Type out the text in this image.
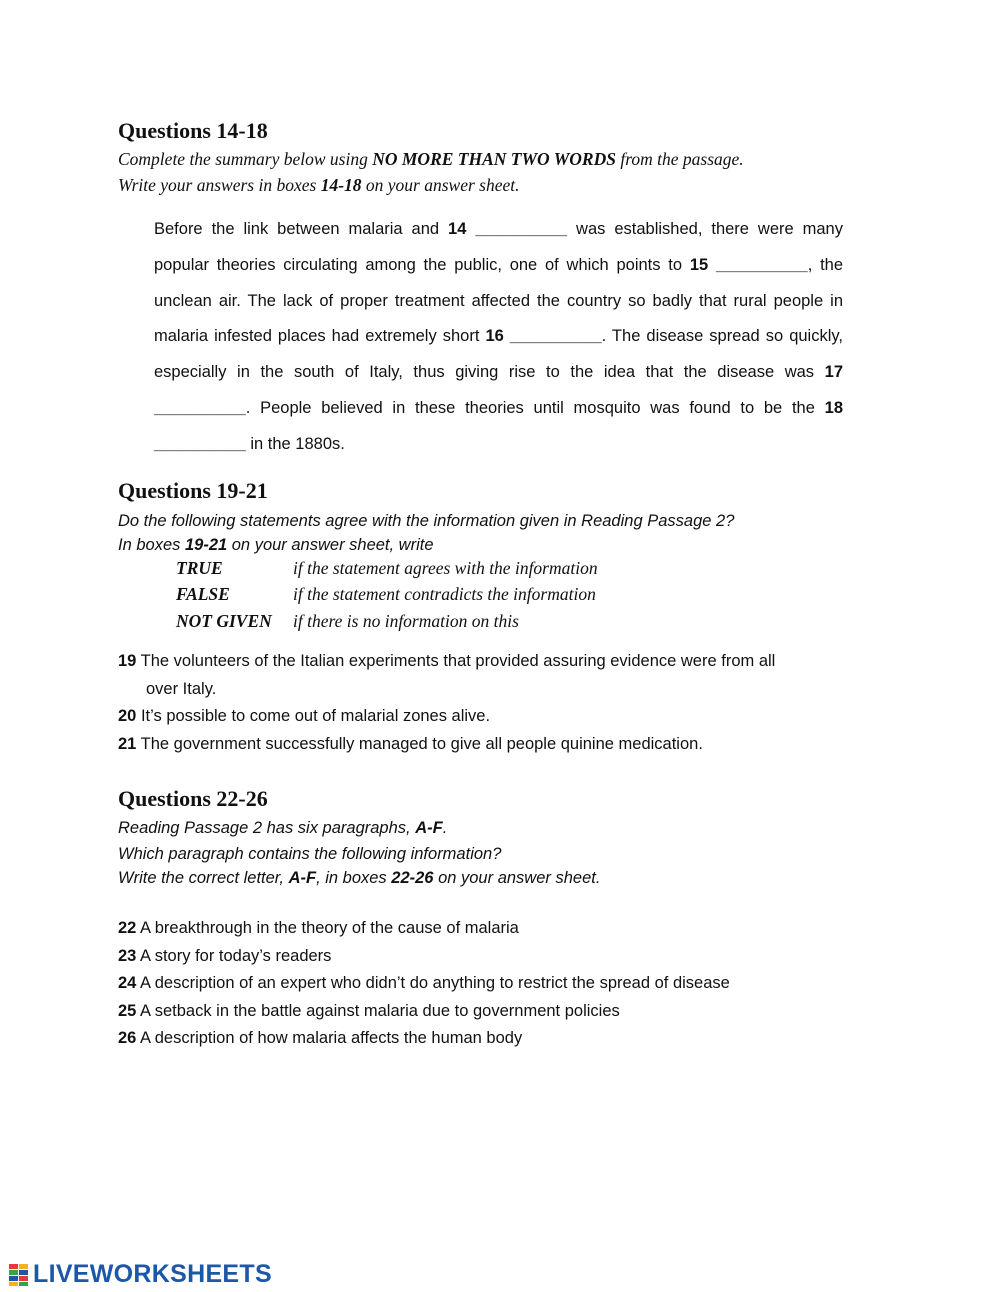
Questions 14-18

Complete the summary below using NO MORE THAN TWO WORDS from the passage.

Write your answers in boxes 14-18 on your answer sheet.

Before the link between malaria and 14 __________ was established, there were many popular theories circulating among the public, one of which points to 15 __________, the unclean air. The lack of proper treatment affected the country so badly that rural people in malaria infested places had extremely short 16 __________. The disease spread so quickly, especially in the south of Italy, thus giving rise to the idea that the disease was 17 __________. People believed in these theories until mosquito was found to be the 18 __________ in the 1880s.

Questions 19-21

Do the following statements agree with the information given in Reading Passage 2?

In boxes 19-21 on your answer sheet, write

TRUE	if the statement agrees with the information
FALSE	if the statement contradicts the information
NOT GIVEN	if there is no information on this
19 The volunteers of the Italian experiments that provided assuring evidence were from all
over Italy.
20 It’s possible to come out of malarial zones alive.
21 The government successfully managed to give all people quinine medication.
Questions 22-26

Reading Passage 2 has six paragraphs, A-F.

Which paragraph contains the following information?

Write the correct letter, A-F, in boxes 22-26 on your answer sheet.

22 A breakthrough in the theory of the cause of malaria
23 A story for today’s readers
24 A description of an expert who didn’t do anything to restrict the spread of disease
25 A setback in the battle against malaria due to government policies
26 A description of how malaria affects the human body
LIVEWORKSHEETS
